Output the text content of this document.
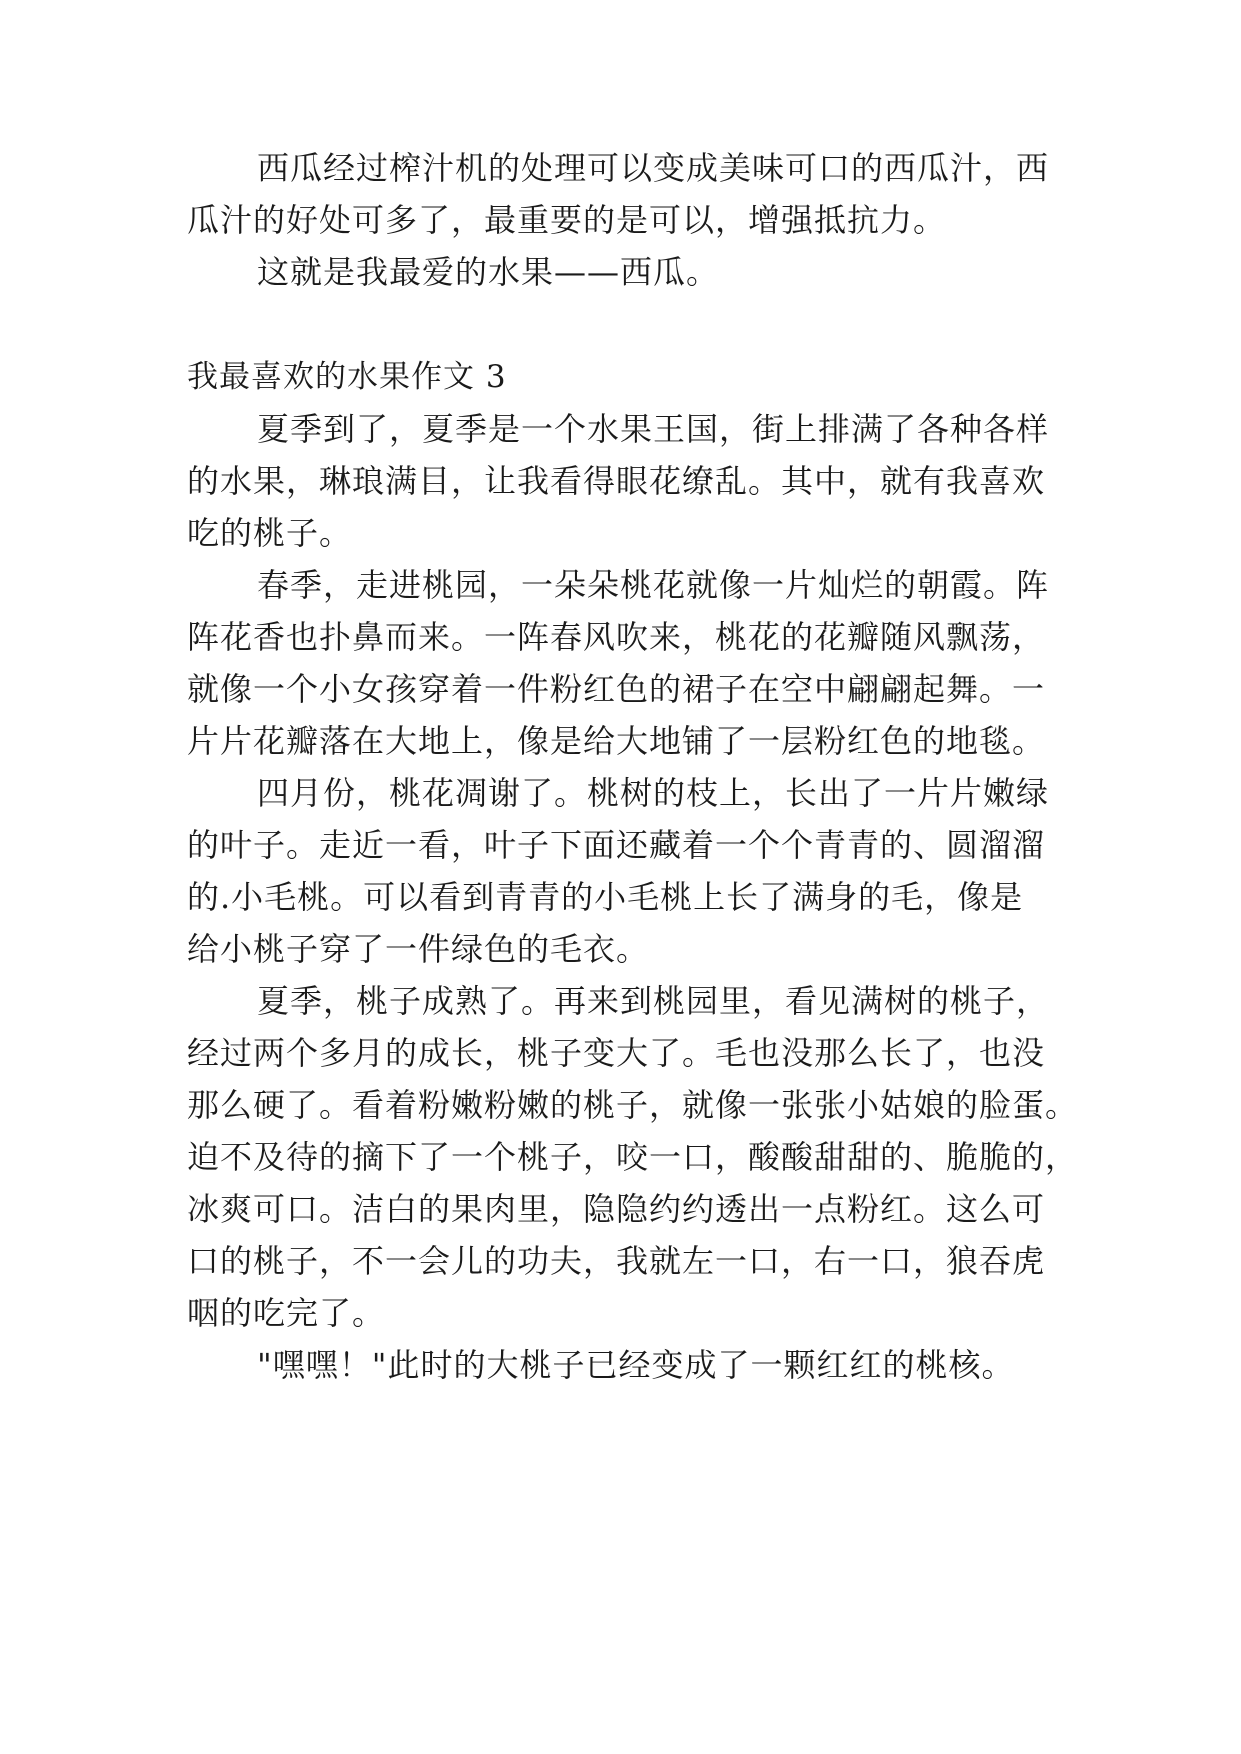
西瓜经过榨汁机的处理可以变成美味可口的西瓜汁，西

瓜汁的好处可多了，最重要的是可以，增强抵抗力。

这就是我最爱的水果——西瓜。

我最喜欢的水果作文 3

夏季到了，夏季是一个水果王国，街上排满了各种各样

的水果，琳琅满目，让我看得眼花缭乱。其中，就有我喜欢

吃的桃子。

春季，走进桃园，一朵朵桃花就像一片灿烂的朝霞。阵

阵花香也扑鼻而来。一阵春风吹来，桃花的花瓣随风飘荡，

就像一个小女孩穿着一件粉红色的裙子在空中翩翩起舞。一

片片花瓣落在大地上，像是给大地铺了一层粉红色的地毯。

四月份，桃花凋谢了。桃树的枝上，长出了一片片嫩绿

的叶子。走近一看，叶子下面还藏着一个个青青的、圆溜溜

的.小毛桃。可以看到青青的小毛桃上长了满身的毛，像是

给小桃子穿了一件绿色的毛衣。

夏季，桃子成熟了。再来到桃园里，看见满树的桃子，

经过两个多月的成长，桃子变大了。毛也没那么长了，也没

那么硬了。看着粉嫩粉嫩的桃子，就像一张张小姑娘的脸蛋。

迫不及待的摘下了一个桃子，咬一口，酸酸甜甜的、脆脆的，

冰爽可口。洁白的果肉里，隐隐约约透出一点粉红。这么可

口的桃子，不一会儿的功夫，我就左一口，右一口，狼吞虎

咽的吃完了。

"嘿嘿！"此时的大桃子已经变成了一颗红红的桃核。
